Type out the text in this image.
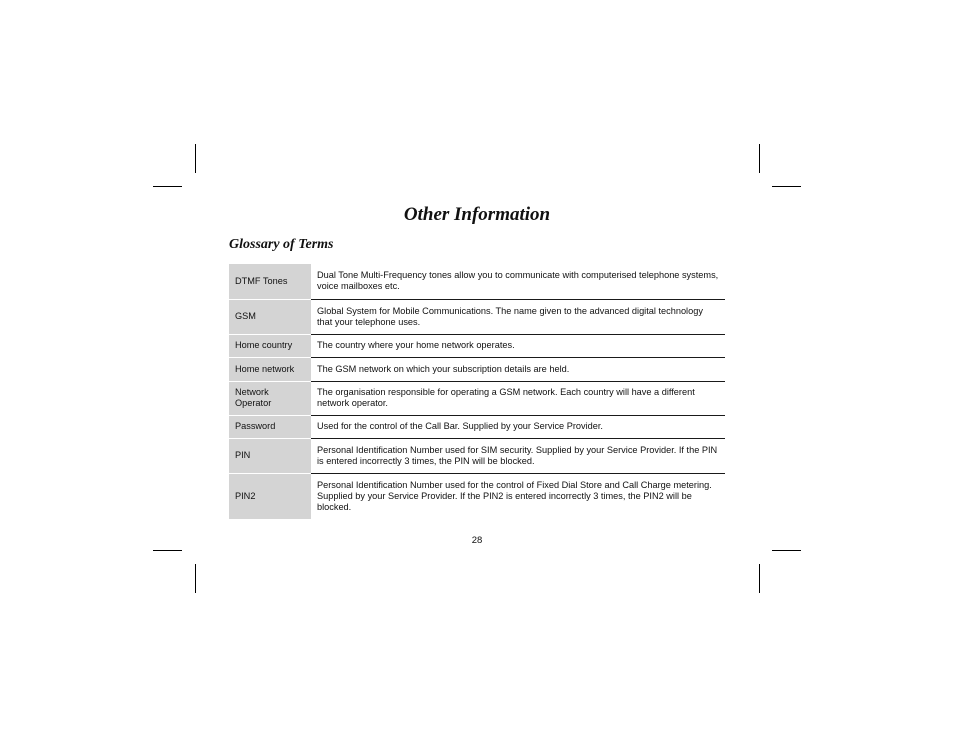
Other Information
Glossary of Terms
DTMF Tones	Dual Tone Multi-Frequency tones allow you to communicate with computerised telephone systems, voice mailboxes etc.
GSM	Global System for Mobile Communications. The name given to the advanced digital technology that your telephone uses.
Home country	The country where your home network operates.
Home network	The GSM network on which your subscription details are held.
Network Operator	The organisation responsible for operating a GSM network. Each country will have a different network operator.
Password	Used for the control of the Call Bar. Supplied by your Service Provider.
PIN	Personal Identification Number used for SIM security. Supplied by your Service Provider. If the PIN is entered incorrectly 3 times, the PIN will be blocked.
PIN2	Personal Identification Number used for the control of Fixed Dial Store and Call Charge metering. Supplied by your Service Provider. If the PIN2 is entered incorrectly 3 times, the PIN2 will be blocked.

28
